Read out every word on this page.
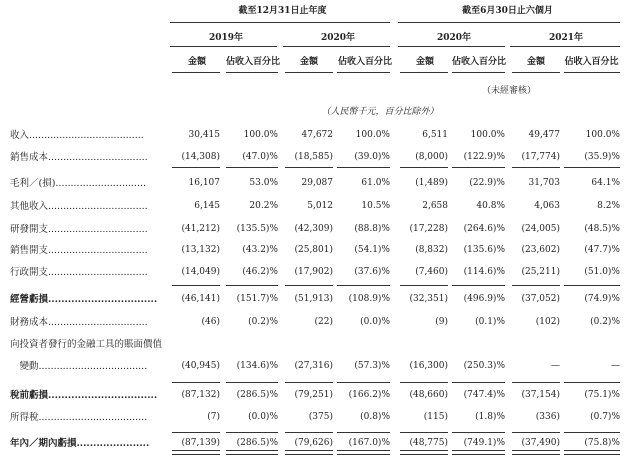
截至12月31日止年度	截至6月30日止六個月
2019年	2020年	2020年	2021年
金額	佔收入百分比	金額	佔收入百分比	金額	佔收入百分比	金額	佔收入百分比
（未經審核）
（人民幣千元，百分比除外）
收入......................................	30,415	100.0%	47,672	100.0%	6,511	100.0%	49,477	100.0%
銷售成本.................................	(14,308)	(47.0)%	(18,585)	(39.0)%	(8,000)	(122.9)%	(17,774)	(35.9)%
毛利／(損)..............................	16,107	53.0%	29,087	61.0%	(1,489)	(22.9)%	31,703	64.1%
其他收入.................................	6,145	20.2%	5,012	10.5%	2,658	40.8%	4,063	8.2%
研發開支.................................	(41,212)	(135.5)%	(42,309)	(88.8)%	(17,228)	(264.6)%	(24,005)	(48.5)%
銷售開支.................................	(13,132)	(43.2)%	(25,801)	(54.1)%	(8,832)	(135.6)%	(23,602)	(47.7)%
行政開支.................................	(14,049)	(46.2)%	(17,902)	(37.6)%	(7,460)	(114.6)%	(25,211)	(51.0)%
經營虧損.................................	(46,141)	(151.7)%	(51,913)	(108.9)%	(32,351)	(496.9)%	(37,052)	(74.9)%
財務成本.................................	(46)	(0.2)%	(22)	(0.0)%	(9)	(0.1)%	(102)	(0.2)%
向投資者發行的金融工具的賬面價值
　變動....................................	(40,945)	(134.6)%	(27,316)	(57.3)%	(16,300)	(250.3)%	—	—
稅前虧損.................................	(87,132)	(286.5)%	(79,251)	(166.2)%	(48,660)	(747.4)%	(37,154)	(75.1)%
所得稅....................................	(7)	(0.0)%	(375)	(0.8)%	(115)	(1.8)%	(336)	(0.7)%
年內／期內虧損......................	(87,139)	(286.5)%	(79,626)	(167.0)%	(48,775)	(749.1)%	(37,490)	(75.8)%
